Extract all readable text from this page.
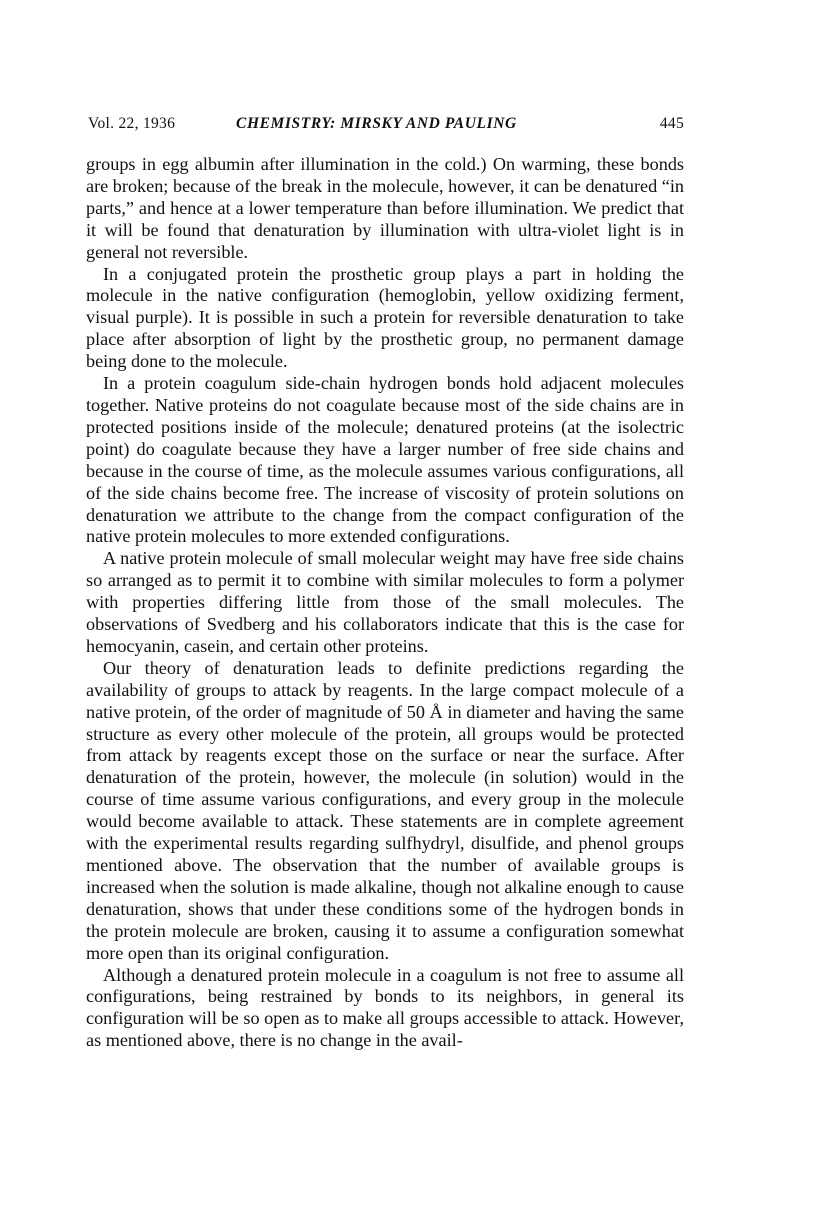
Vol. 22, 1936	CHEMISTRY: MIRSKY AND PAULING	445

groups in egg albumin after illumination in the cold.) On warming, these bonds are broken; because of the break in the molecule, however, it can be denatured “in parts,” and hence at a lower temperature than before illumination. We predict that it will be found that denaturation by illumination with ultra-violet light is in general not reversible.

In a conjugated protein the prosthetic group plays a part in holding the molecule in the native configuration (hemoglobin, yellow oxidizing ferment, visual purple). It is possible in such a protein for reversible denaturation to take place after absorption of light by the prosthetic group, no permanent damage being done to the molecule.

In a protein coagulum side-chain hydrogen bonds hold adjacent molecules together. Native proteins do not coagulate because most of the side chains are in protected positions inside of the molecule; denatured proteins (at the isolectric point) do coagulate because they have a larger number of free side chains and because in the course of time, as the molecule assumes various configurations, all of the side chains become free. The increase of viscosity of protein solutions on denaturation we attribute to the change from the compact configuration of the native protein molecules to more extended configurations.

A native protein molecule of small molecular weight may have free side chains so arranged as to permit it to combine with similar molecules to form a polymer with properties differing little from those of the small molecules. The observations of Svedberg and his collaborators indicate that this is the case for hemocyanin, casein, and certain other proteins.

Our theory of denaturation leads to definite predictions regarding the availability of groups to attack by reagents. In the large compact molecule of a native protein, of the order of magnitude of 50 Å in diameter and having the same structure as every other molecule of the protein, all groups would be protected from attack by reagents except those on the surface or near the surface. After denaturation of the protein, however, the molecule (in solution) would in the course of time assume various configurations, and every group in the molecule would become available to attack. These statements are in complete agreement with the experimental results regarding sulfhydryl, disulfide, and phenol groups mentioned above. The observation that the number of available groups is increased when the solution is made alkaline, though not alkaline enough to cause denaturation, shows that under these conditions some of the hydrogen bonds in the protein molecule are broken, causing it to assume a configuration somewhat more open than its original configuration.

Although a denatured protein molecule in a coagulum is not free to assume all configurations, being restrained by bonds to its neighbors, in general its configuration will be so open as to make all groups accessible to attack. However, as mentioned above, there is no change in the avail-
